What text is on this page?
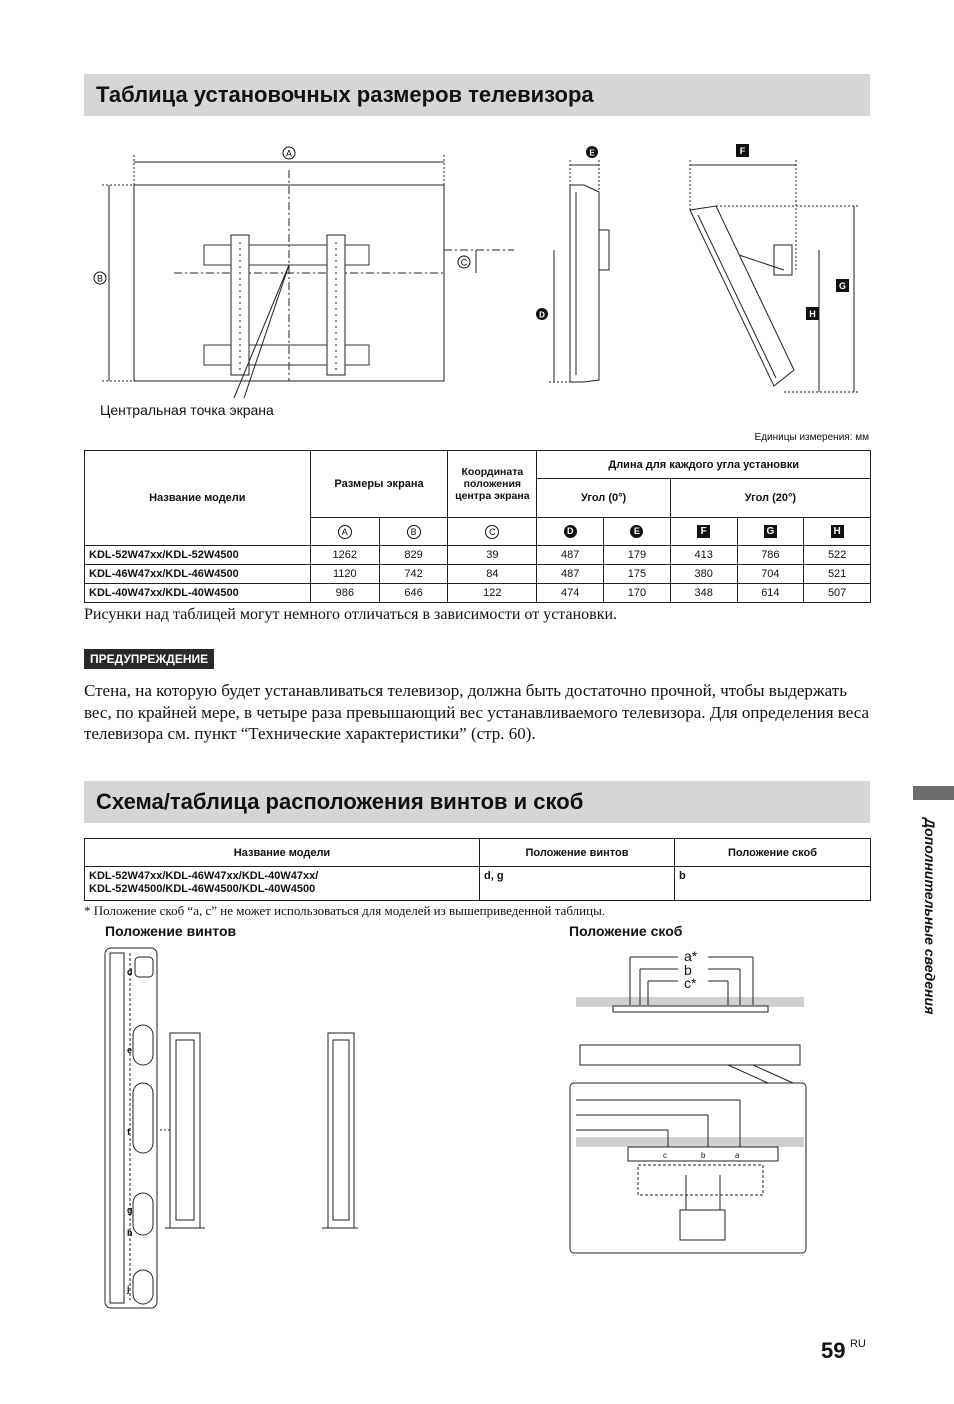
Таблица установочных размеров телевизора
A
B
C
D
E	F
G
H
Центральная точка экрана
Единицы измерения: мм
Название модели	Размеры экрана		Координата положения центра экрана	Длина для каждого угла установки				
				Угол (0°)		Угол (20°)		
	A	B	C	D	E	F	G	H
KDL-52W47xx/KDL-52W4500	1262	829	39	487	179	413	786	522
KDL-46W47xx/KDL-46W4500	1120	742	84	487	175	380	704	521
KDL-40W47xx/KDL-40W4500	986	646	122	474	170	348	614	507
Рисунки над таблицей могут немного отличаться в зависимости от установки.
ПРЕДУПРЕЖДЕНИЕ
Стена, на которую будет устанавливаться телевизор, должна быть достаточно прочной, чтобы выдержать вес, по крайней мере, в четыре раза превышающий вес устанавливаемого телевизора. Для определения веса телевизора см. пункт “Технические характеристики” (стр. 60).
Схема/таблица расположения винтов и скоб
Название модели	Положение винтов	Положение скоб

KDL-52W47xx/KDL-46W47xx/KDL-40W47xx/
KDL-52W4500/KDL-46W4500/KDL-40W4500	d, g	b
* Положение скоб “a, c” не может использоваться для моделей из вышеприведенной таблицы.
Положение винтов	Положение скоб
d
e
f
g
h
j
a*
b
c*
c	b	a
Дополнительные сведения
59 $^{RU}$
